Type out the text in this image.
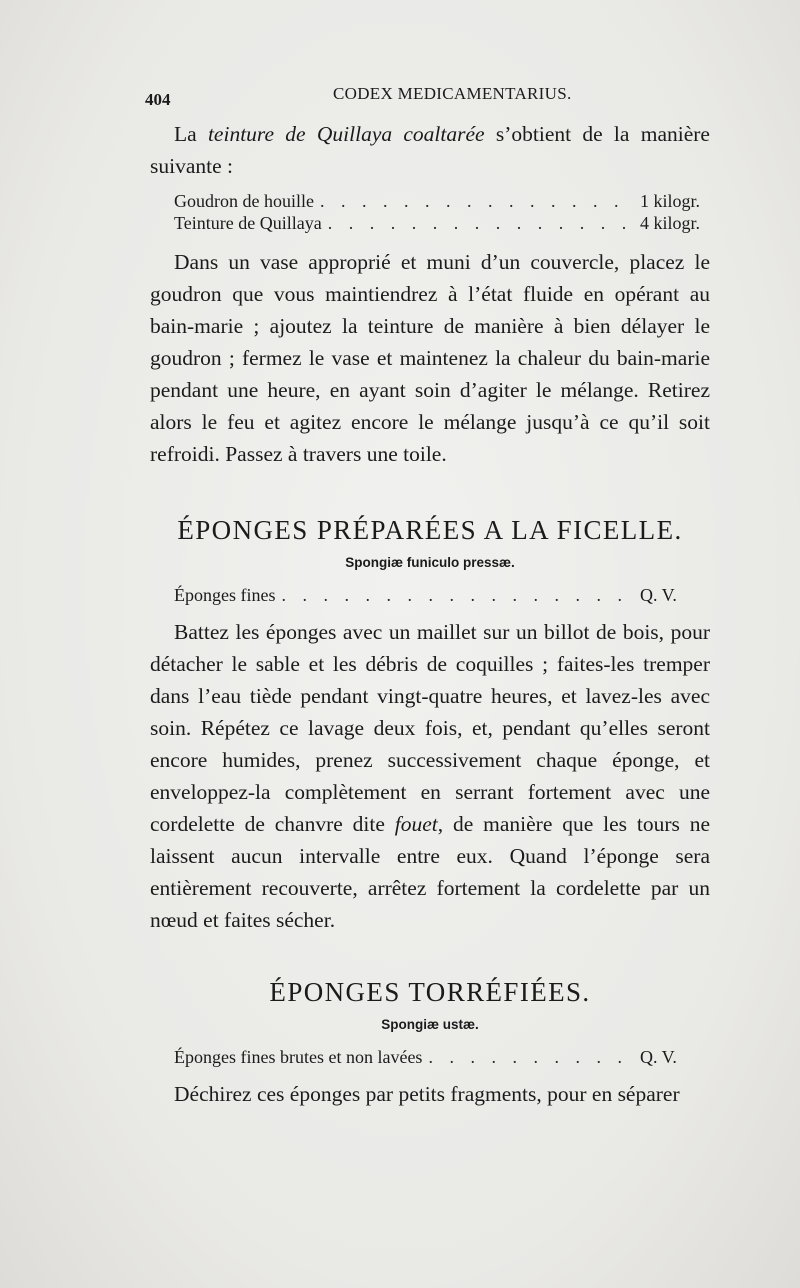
404	CODEX MEDICAMENTARIUS.

La teinture de Quillaya coaltarée s’obtient de la manière suivante :

Goudron de houille . . .	1 kilogr.
Teinture de Quillaya . . .	4 kilogr.

Dans un vase approprié et muni d’un couvercle, placez le goudron que vous maintiendrez à l’état fluide en opérant au bain-marie ; ajoutez la teinture de manière à bien délayer le goudron ; fermez le vase et maintenez la chaleur du bain-marie pendant une heure, en ayant soin d’agiter le mélange. Retirez alors le feu et agitez encore le mélange jusqu’à ce qu’il soit refroidi. Passez à travers une toile.

ÉPONGES PRÉPARÉES A LA FICELLE.
Spongiæ funiculo pressæ.
Éponges fines . . .	Q. V.

Battez les éponges avec un maillet sur un billot de bois, pour détacher le sable et les débris de coquilles ; faites-les tremper dans l’eau tiède pendant vingt-quatre heures, et lavez-les avec soin. Répétez ce lavage deux fois, et, pendant qu’elles seront encore humides, prenez successivement chaque éponge, et enveloppez-la complètement en serrant fortement avec une cordelette de chanvre dite fouet, de manière que les tours ne laissent aucun intervalle entre eux. Quand l’éponge sera entièrement recouverte, arrêtez fortement la cordelette par un nœud et faites sécher.

ÉPONGES TORRÉFIÉES.
Spongiæ ustæ.
Éponges fines brutes et non lavées . . .	Q. V.

Déchirez ces éponges par petits fragments, pour en séparer
